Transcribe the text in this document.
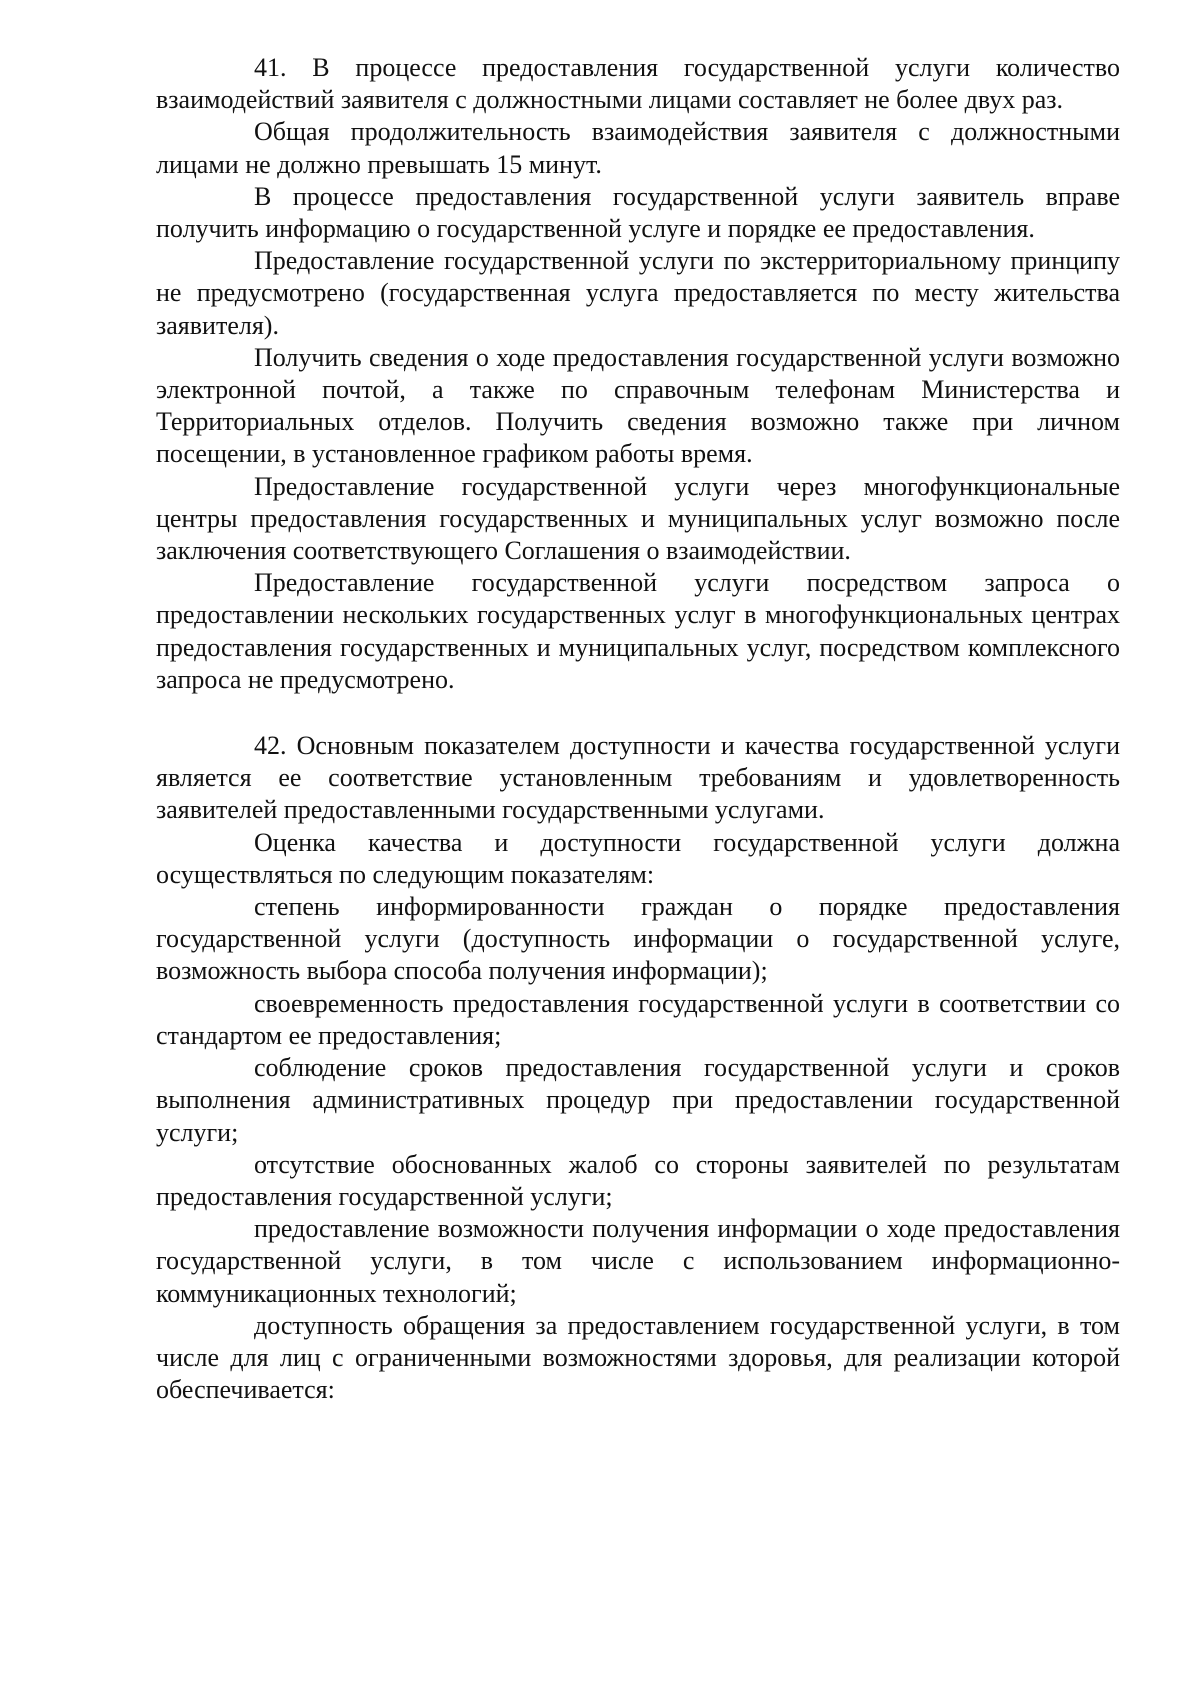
41. В процессе предоставления государственной услуги количество взаимодействий заявителя с должностными лицами составляет не более двух раз.

Общая продолжительность взаимодействия заявителя с должностными лицами не должно превышать 15 минут.

В процессе предоставления государственной услуги заявитель вправе получить информацию о государственной услуге и порядке ее предоставления.

Предоставление государственной услуги по экстерриториальному принципу не предусмотрено (государственная услуга предоставляется по месту жительства заявителя).

Получить сведения о ходе предоставления государственной услуги возможно электронной почтой, а также по справочным телефонам Министерства и Территориальных отделов. Получить сведения возможно также при личном посещении, в установленное графиком работы время.

Предоставление государственной услуги через многофункциональные центры предоставления государственных и муниципальных услуг возможно после заключения соответствующего Соглашения о взаимодействии.

Предоставление государственной услуги посредством запроса о предоставлении нескольких государственных услуг в многофункциональных центрах предоставления государственных и муниципальных услуг, посредством комплексного запроса не предусмотрено.

42. Основным показателем доступности и качества государственной услуги является ее соответствие установленным требованиям и удовлетворенность заявителей предоставленными государственными услугами.

Оценка качества и доступности государственной услуги должна осуществляться по следующим показателям:

степень информированности граждан о порядке предоставления государственной услуги (доступность информации о государственной услуге, возможность выбора способа получения информации);

своевременность предоставления государственной услуги в соответствии со стандартом ее предоставления;

соблюдение сроков предоставления государственной услуги и сроков выполнения административных процедур при предоставлении государственной услуги;

отсутствие обоснованных жалоб со стороны заявителей по результатам предоставления государственной услуги;

предоставление возможности получения информации о ходе предоставления государственной услуги, в том числе с использованием информационно-коммуникационных технологий;

доступность обращения за предоставлением государственной услуги, в том числе для лиц с ограниченными возможностями здоровья, для реализации которой обеспечивается:
